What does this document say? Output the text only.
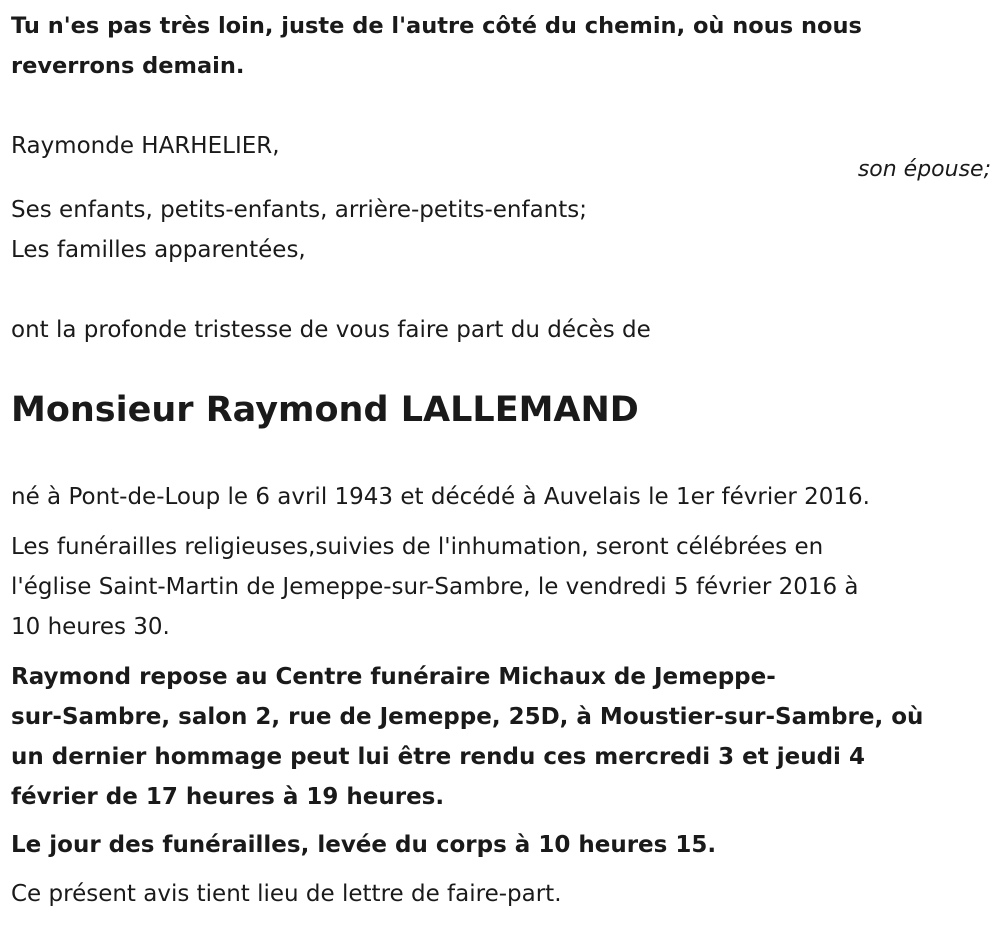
Tu n'es pas très loin, juste de l'autre côté du chemin, où nous nous
reverrons demain.

Raymonde HARHELIER,

son épouse;

Ses enfants, petits-enfants, arrière-petits-enfants;

Les familles apparentées,

ont la profonde tristesse de vous faire part du décès de

Monsieur Raymond LALLEMAND

né à Pont-de-Loup le 6 avril 1943 et décédé à Auvelais le 1er février 2016.

Les funérailles religieuses,suivies de l'inhumation, seront célébrées en
l'église Saint-Martin de Jemeppe-sur-Sambre, le vendredi 5 février 2016 à
10 heures 30.
Raymond repose au Centre funéraire Michaux de Jemeppe-
sur-Sambre, salon 2, rue de Jemeppe, 25D, à Moustier-sur-Sambre, où
un dernier hommage peut lui être rendu ces mercredi 3 et jeudi 4
février de 17 heures à 19 heures.

Le jour des funérailles, levée du corps à 10 heures 15.

Ce présent avis tient lieu de lettre de faire-part.
